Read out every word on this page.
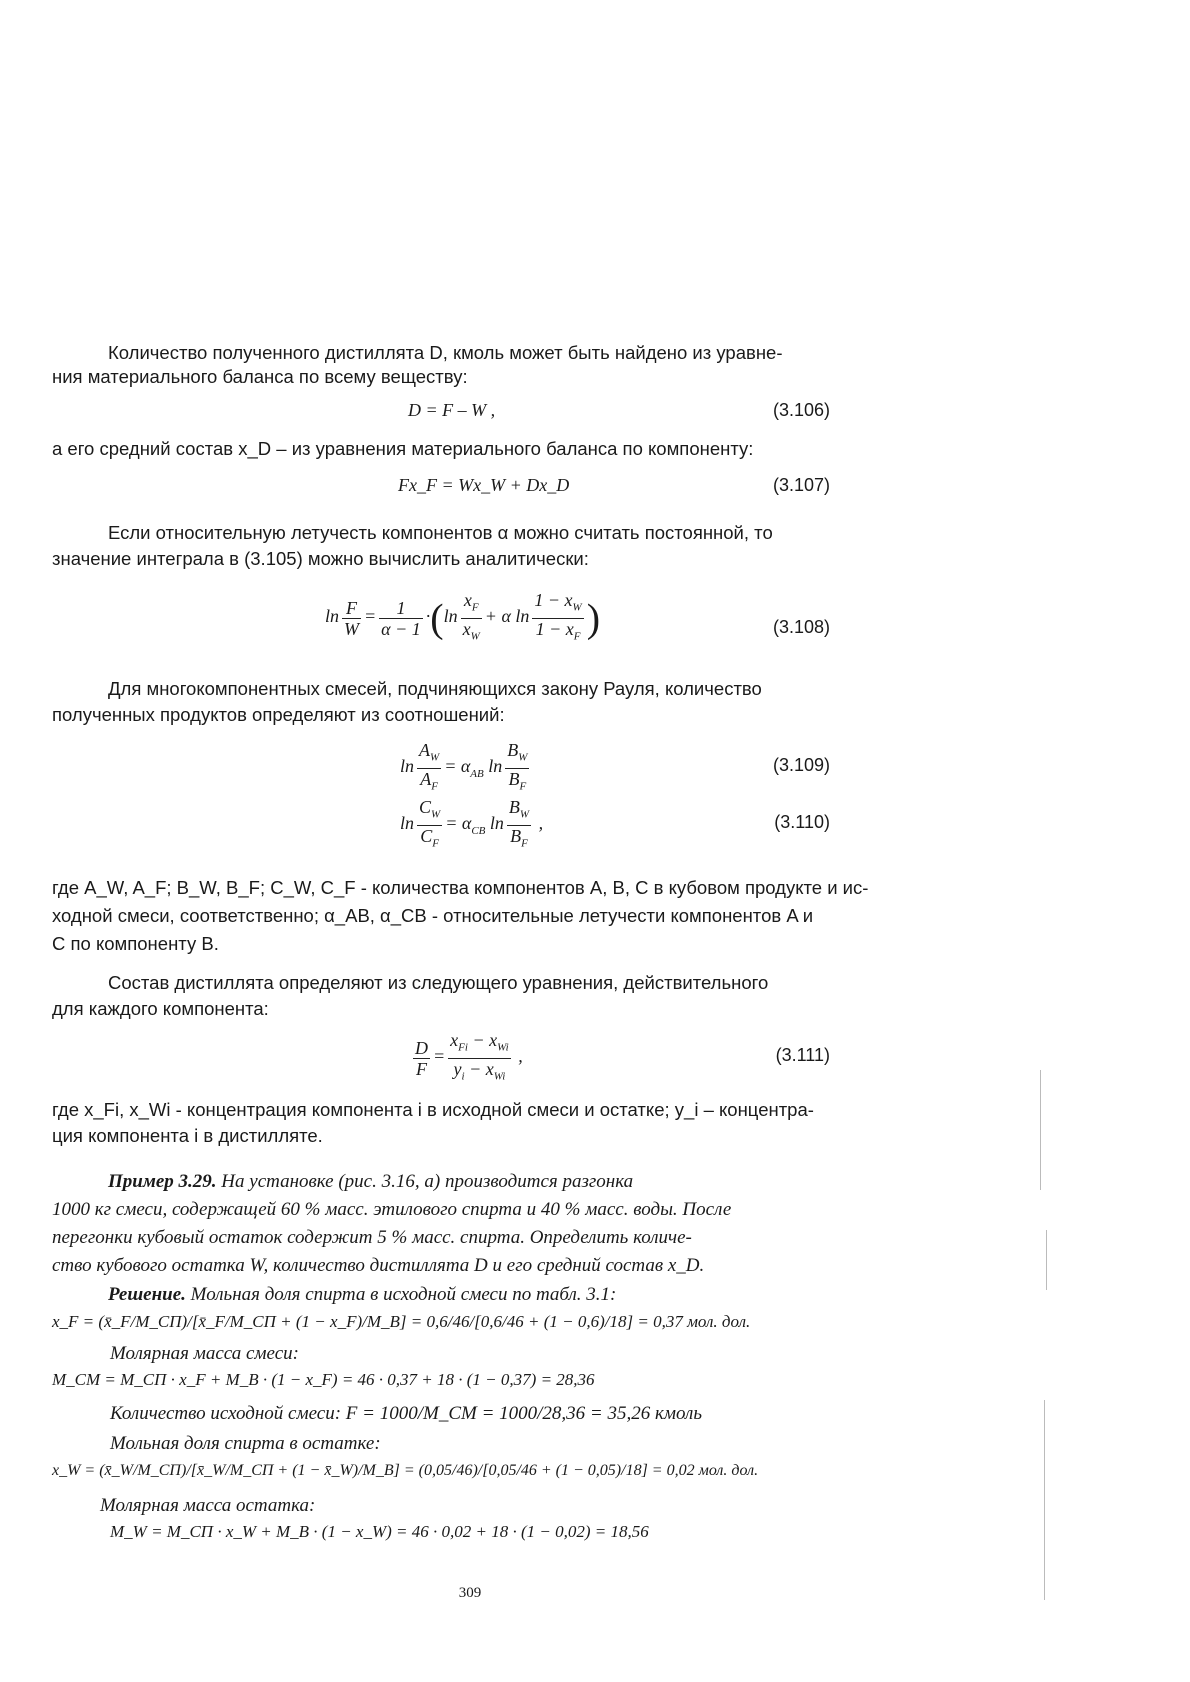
Количество полученного дистиллята D, кмоль может быть найдено из уравне-
ния материального баланса по всему веществу:
D = F – W ,	(3.106)
а его средний состав x_D – из уравнения материального баланса по компоненту:
Fx_F = Wx_W + Dx_D	(3.107)
Если относительную летучесть компонентов α можно считать постоянной, то
значение интеграла в (3.105) можно вычислить аналитически:
$\ln \frac{F}{W} = \frac{1}{\alpha - 1} \cdot(\ln \frac{x_F}{x_W} + \alpha$ $\ln \frac{1 - x_W}{1 - x_F}$ )	(3.108)
Для многокомпонентных смесей, подчиняющихся закону Рауля, количество
полученных продуктов определяют из соотношений:
$\ln \frac{A_W}{A_F} = \alpha_{AB}$ $\ln \frac{B_W}{B_F}$	(3.109)
$\ln \frac{C_W}{C_F} = \alpha_{CB}$ $\ln \frac{B_W}{B_F}$ ,	(3.110)
где A_W, A_F; B_W, B_F; C_W, C_F - количества компонентов А, В, С в кубовом продукте и ис-
ходной смеси, соответственно; α_AB, α_CB - относительные летучести компонентов A и
C по компоненту B.
Состав дистиллята определяют из следующего уравнения, действительного
для каждого компонента:
$\frac{D}{F} = \frac{x_{Fi} - x_{Wi}}{y_i - x_{Wi}}$ ,	(3.111)
где x_Fi, x_Wi - концентрация компонента i в исходной смеси и остатке; y_i – концентра-
ция компонента i в дистилляте.
Пример 3.29. На установке (рис. 3.16, а) производится разгонка
1000 кг смеси, содержащей 60 % масс. этилового спирта и 40 % масс. воды. После
перегонки кубовый остаток содержит 5 % масс. спирта. Определить количе-
ство кубового остатка W, количество дистиллята D и его средний состав x_D.
Решение. Мольная доля спирта в исходной смеси по табл. 3.1:
x_F = (x̄_F/M_СП)/[x̄_F/M_СП + (1 − x_F)/M_B] = 0,6/46/[0,6/46 + (1 − 0,6)/18] = 0,37 мол. дол.
Молярная масса смеси:
M_СМ = M_СП · x_F + M_B · (1 − x_F) = 46 · 0,37 + 18 · (1 − 0,37) = 28,36
Количество исходной смеси: F = 1000/M_СМ = 1000/28,36 = 35,26 кмоль
Мольная доля спирта в остатке:
x_W = (x̄_W/M_СП)/[x̄_W/M_СП + (1 − x̄_W)/M_B] = (0,05/46)/[0,05/46 + (1 − 0,05)/18] = 0,02 мол. дол.
Молярная масса остатка:
M_W = M_СП · x_W + M_B · (1 − x_W) = 46 · 0,02 + 18 · (1 − 0,02) = 18,56
309
